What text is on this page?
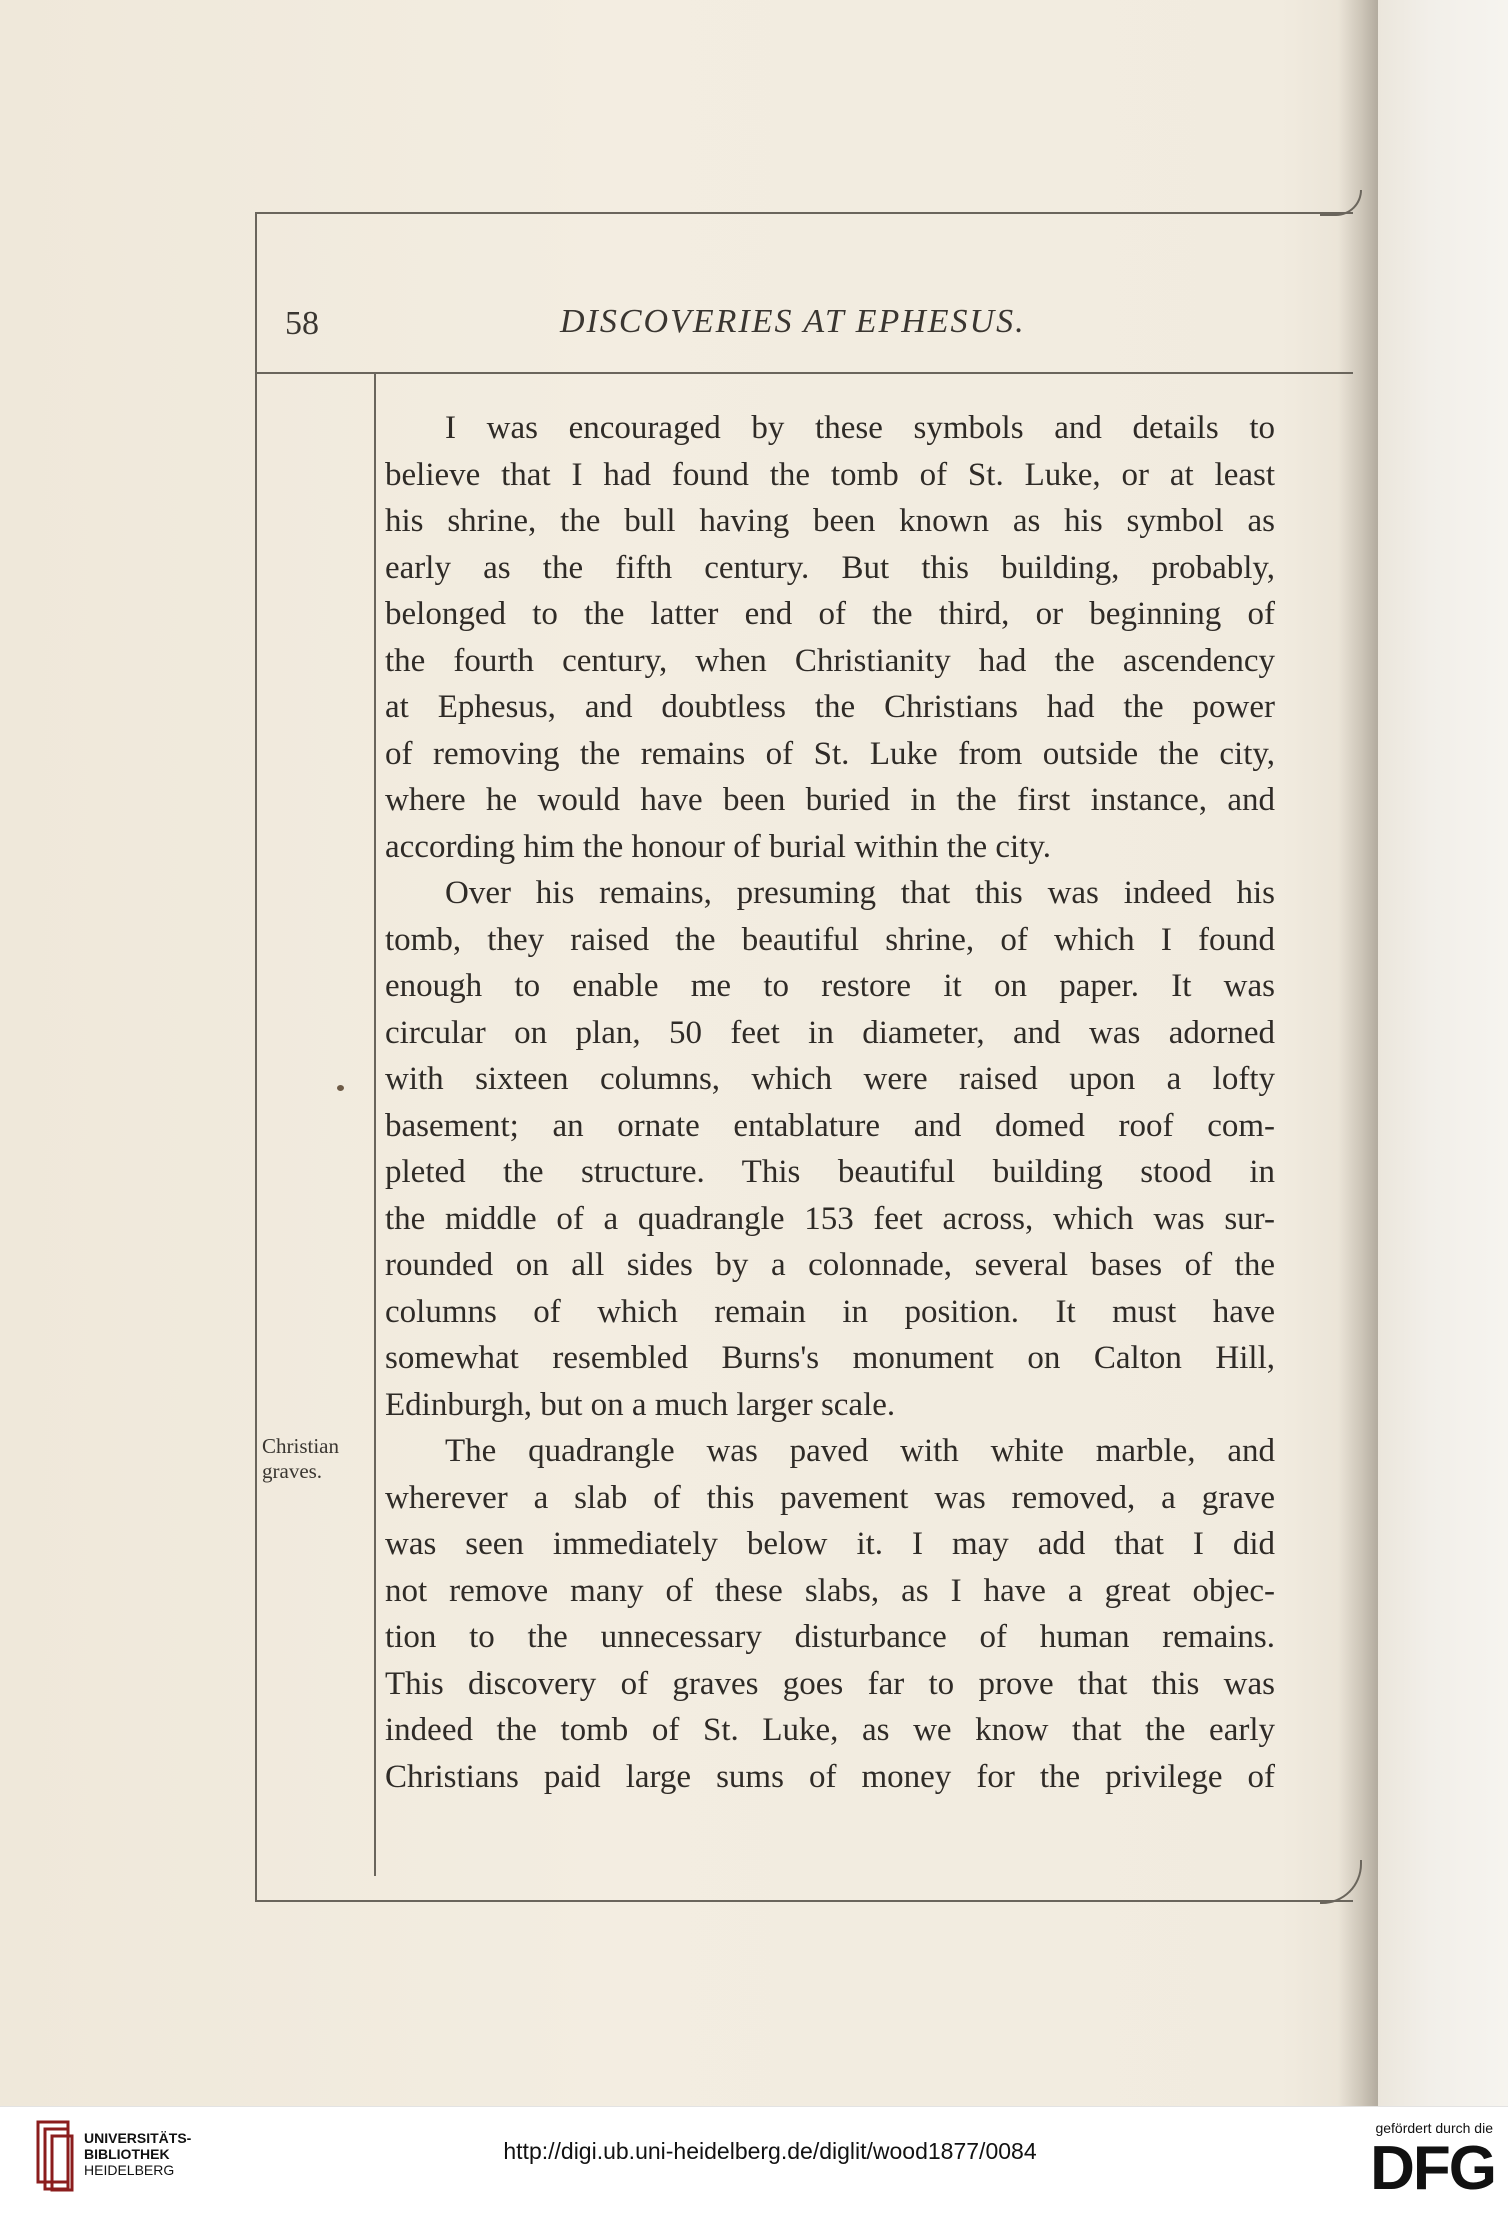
58	DISCOVERIES AT EPHESUS.
Christian
graves.
I was encouraged by these symbols and details to
believe that I had found the tomb of St. Luke, or at least
his shrine, the bull having been known as his symbol as
early as the fifth century. But this building, probably,
belonged to the latter end of the third, or beginning of
the fourth century, when Christianity had the ascendency
at Ephesus, and doubtless the Christians had the power
of removing the remains of St. Luke from outside the city,
where he would have been buried in the first instance, and
according him the honour of burial within the city.
Over his remains, presuming that this was indeed his
tomb, they raised the beautiful shrine, of which I found
enough to enable me to restore it on paper. It was
circular on plan, 50 feet in diameter, and was adorned
with sixteen columns, which were raised upon a lofty
basement; an ornate entablature and domed roof com-
pleted the structure. This beautiful building stood in
the middle of a quadrangle 153 feet across, which was sur-
rounded on all sides by a colonnade, several bases of the
columns of which remain in position. It must have
somewhat resembled Burns's monument on Calton Hill,
Edinburgh, but on a much larger scale.
The quadrangle was paved with white marble, and
wherever a slab of this pavement was removed, a grave
was seen immediately below it. I may add that I did
not remove many of these slabs, as I have a great objec-
tion to the unnecessary disturbance of human remains.
This discovery of graves goes far to prove that this was
indeed the tomb of St. Luke, as we know that the early
Christians paid large sums of money for the privilege of
UNIVERSITÄTS-
BIBLIOTHEK
HEIDELBERG
http://digi.ub.uni-heidelberg.de/diglit/wood1877/0084
gefördert durch die
DFG
